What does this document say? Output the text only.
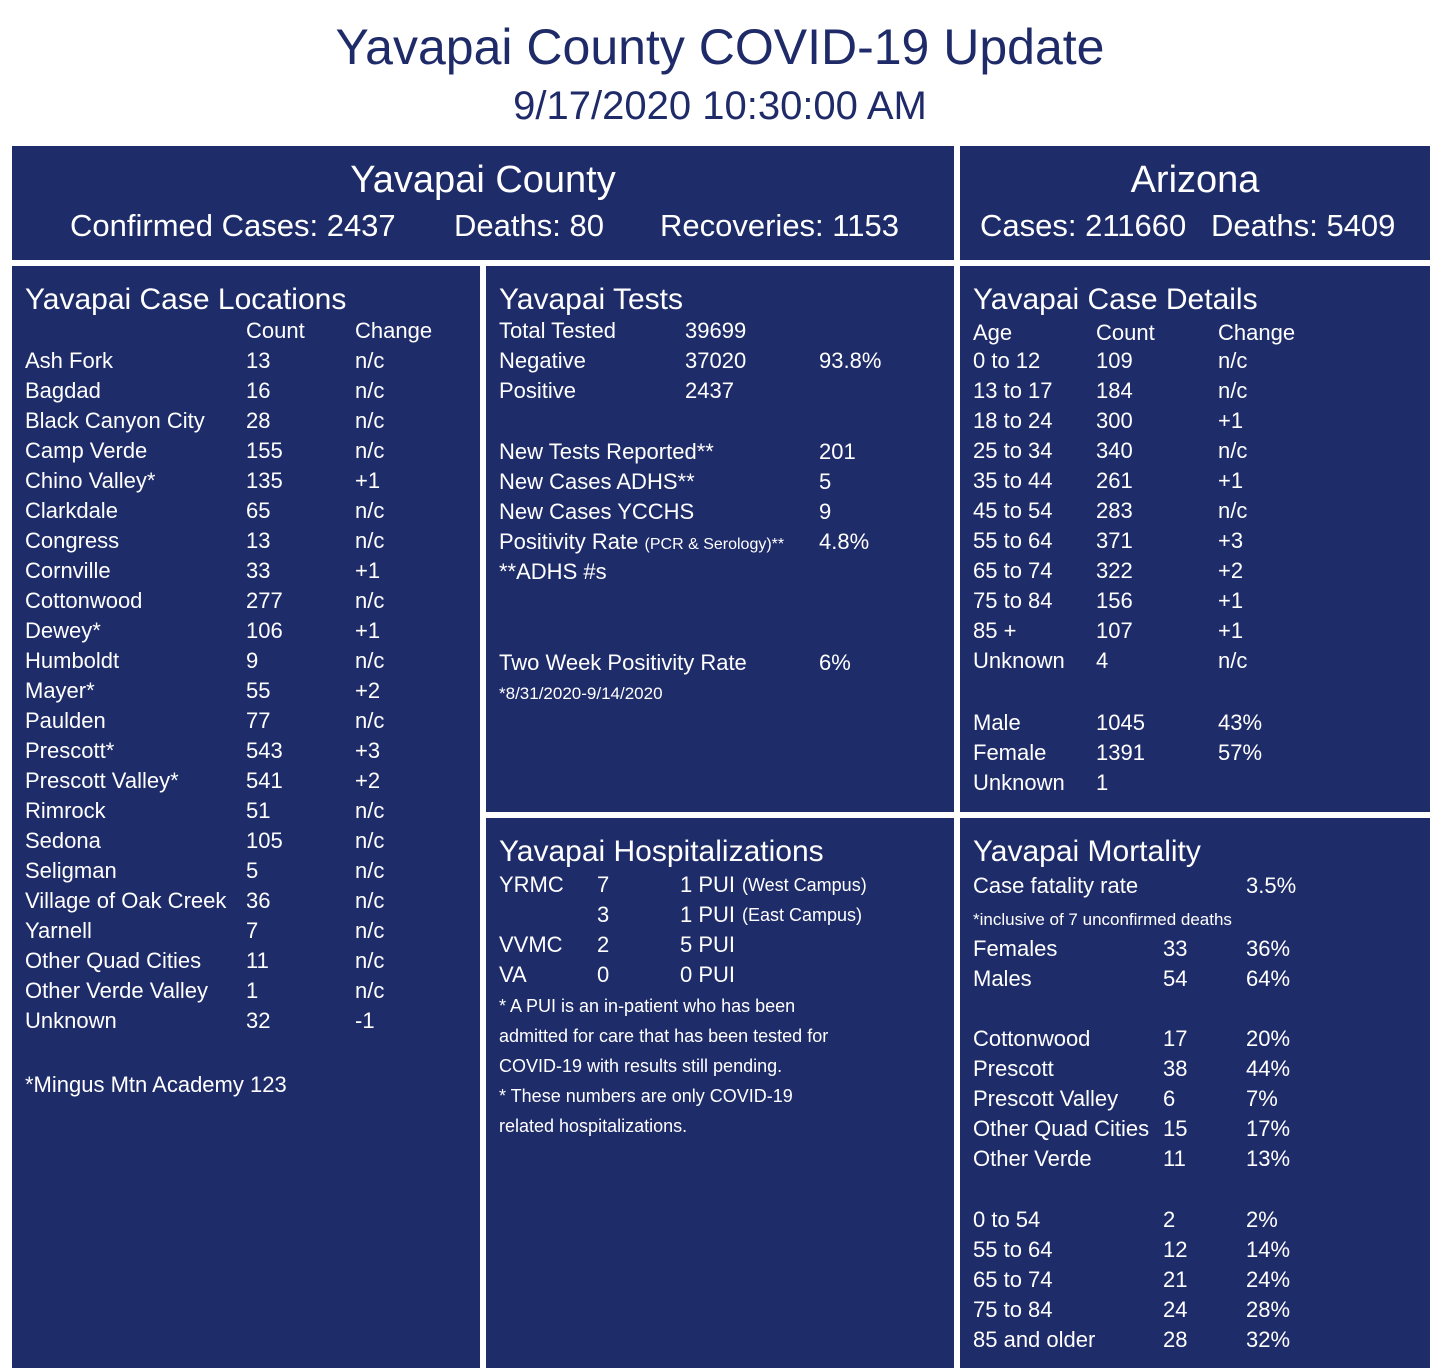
Yavapai County COVID-19 Update
9/17/2020 10:30:00 AM
Yavapai County
Confirmed Cases: 2437 Deaths: 80 Recoveries: 1153
Arizona
Cases: 211660 Deaths: 5409
Yavapai Case Locations
Count Change
Ash Fork	13	n/c
Bagdad	16	n/c
Black Canyon City 28	n/c
Camp Verde	155	n/c
Chino Valley*	135	+1
Clarkdale	65	n/c
Congress	13	n/c
Cornville	33	+1
Cottonwood	277	n/c
Dewey*	106	+1
Humboldt	9	n/c
Mayer*	55	+2
Paulden	77	n/c
Prescott*	543	+3
Prescott Valley*	541	+2
Rimrock	51	n/c
Sedona	105	n/c
Seligman	5	n/c
Village of Oak Creek 36	n/c
Yarnell	7	n/c
Other Quad Cities 11	n/c
Other Verde Valley 1	n/c
Unknown	32	-1
*Mingus Mtn Academy 123
Yavapai Tests
Total Tested	39699
Negative	37020	93.8%
Positive	2437
New Tests Reported**	201
New Cases ADHS**	5
New Cases YCCHS	9
Positivity Rate (PCR & Serology)** 4.8%
**ADHS #s
Two Week Positivity Rate	6%
*8/31/2020-9/14/2020
Yavapai Case Details
Age	Count	Change
0 to 12	109	n/c
13 to 17 184	n/c
18 to 24 300	+1
25 to 34 340	n/c
35 to 44 261	+1
45 to 54 283	n/c
55 to 64 371	+3
65 to 74 322	+2
75 to 84 156	+1
85 +	107	+1
Unknown 4	n/c
Male	1045	43%
Female 1391	57%
Unknown 1
Yavapai Hospitalizations
YRMC 7	1 PUI (West Campus)
3	1 PUI (East Campus)
VVMC 2	5 PUI
VA	0	0 PUI
* A PUI is an in-patient who has been
admitted for care that has been tested for
COVID-19 with results still pending.
* These numbers are only COVID-19
related hospitalizations.
Yavapai Mortality
Case fatality rate	3.5%
*inclusive of 7 unconfirmed deaths
Females	33	36%
Males	54	64%
Cottonwood	17	20%
Prescott	38	44%
Prescott Valley 6	7%
Other Quad Cities 15	17%
Other Verde	11	13%
0 to 54	2	2%
55 to 64	12	14%
65 to 74	21	24%
75 to 84	24	28%
85 and older	28	32%
